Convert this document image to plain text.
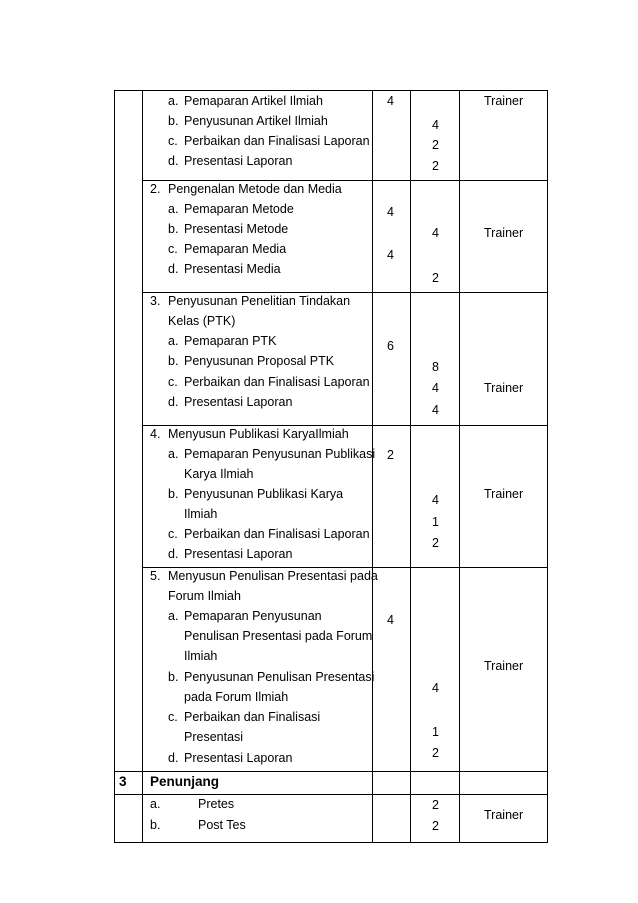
a. Pemaparan Artikel Ilmiah
b. Penyusunan Artikel Ilmiah
c. Perbaikan dan Finalisasi Laporan
d. Presentasi Laporan
4
4
2
2
Trainer
2. Pengenalan Metode dan Media
a. Pemaparan Metode
b. Presentasi Metode
c. Pemaparan Media
d. Presentasi Media
4
4
4
2
Trainer
3. Penyusunan Penelitian Tindakan
Kelas (PTK)
a. Pemaparan PTK
b. Penyusunan Proposal PTK
c. Perbaikan dan Finalisasi Laporan
d. Presentasi Laporan
6
8
4
4
Trainer
4. Menyusun Publikasi KaryaIlmiah
a. Pemaparan Penyusunan Publikasi
Karya Ilmiah
b. Penyusunan Publikasi Karya
Ilmiah
c. Perbaikan dan Finalisasi Laporan
d. Presentasi Laporan
2
4
1
2
Trainer
5. Menyusun Penulisan Presentasi pada
Forum Ilmiah
a. Pemaparan Penyusunan
Penulisan Presentasi pada Forum
Ilmiah
b. Penyusunan Penulisan Presentasi
pada Forum Ilmiah
c. Perbaikan dan Finalisasi
Presentasi
d. Presentasi Laporan
4
4
1
2
Trainer
3 Penunjang
a.	Pretes
b.	Post Tes
2
2
Trainer
